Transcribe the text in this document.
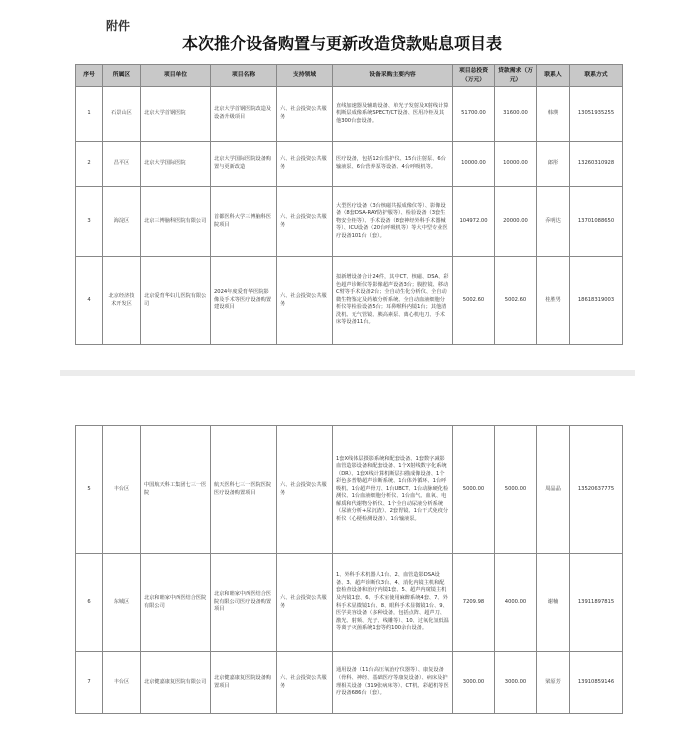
附件
本次推介设备购置与更新改造贷款贴息项目表
序号	所属区	项目单位	项目名称	支持领域	设备采购主要内容	项目总投资（万元）	贷款需求（万元）	联系人	联系方式
1	石景山区	北京大学首钢医院	北京大学首钢医院改造及设备升级项目	六、社会投资公共服务	直线加速器及辅助设备、单光子发射及X射线计算机断层成像系统SPECT/CT设备、医用冷柜及其他300台套设备。	51700.00	31600.00	韩瑛	13051935255
2	昌平区	北京大学国际医院	北京大学国际医院设备购置与更新改造	六、社会投资公共服务	医疗设备，包括12台监护仪、15台注射泵、6台输液泵、6台营养泵等设备、4台呼吸机等。	10000.00	10000.00	郎彤	13260310928
3	海淀区	北京三博脑科医院有限公司	首都医科大学三博脑科医院项目	六、社会投资公共服务	大型医疗设备（3台核磁共振成像仪等）、影像设备（8套DSA-RAY防护服等）、检验设备（3套生物安全柜等）、手术设备（8套神经外科手术器械等）、ICU设备（20台呼吸机等）等大中型专业医疗设备101台（套）。	104972.00	20000.00	乔明达	13701088650
4	北京经济技术开发区	北京爱育华妇儿医院有限公司	2024年度爱育华医院影像及手术等医疗设备购置建设项目	六、社会投资公共服务	拟新增设备合计24件，其中CT、核磁、DSA、彩色超声诊断仪等影像超声设备3台；腹腔镜、移动C臂等手术设备2台；全自动生化分析仪、全自动微生物鉴定及药敏分析系统、全自动血液细胞分析仪等检验设备5台；耳鼻喉科内镜1台；其他清洗机、无气管镜、胰高素泵、离心机电刀、手术床等设备11台。	5002.60	5002.60	桂胜男	18618319003
5	丰台区	中国航天科工集团七三一医院	航天医科七三一医院医院医疗设备购置项目	六、社会投资公共服务	1套X线体层摄影系统和配套设备、1套数字减影血管造影设备和配套设备、1个X射线数字化系统（DR）、1套X线计算机断层扫描成像设备、1个彩色多普勒超声诊断系统、1台体外循环、1台呼吸机、1台超声骨刀、1台UBCT、1台动脉硬化检测仪、1台血液细胞分析仪、1台血气、血氧、电解质和代谢物分析仪、1个全自动尿液分析系统（尿液分析+尿沉渣）、2套胃镜、1台干式免疫分析仪（心梗检测设备）、1台输液泵。	5000.00	5000.00	周晶晶	13520637775
6	东城区	北京和睦家中西医结合医院有限公司	北京和睦家中西医结合医院有限公司医疗设备购置项目	六、社会投资公共服务	1、外科手术机器人1台、2、血管造影DSA设备、3、超声诊断仪3台、4、消化内镜主机和配套检查设备和治疗内镜1套、5、超声内窥镜主机及内镜1套、6、手术室使用麻醉系统4套、7、外科手术显微镜1台、8、眼科手术显微镜1台、9、医学美容设备（多种设备，包括点阵、超声刀、激光、射频、光子、线雕等）、10、过氧化氢低温等离子灭菌系统1套等约100余台设备。	7209.98	4000.00	谢楠	13911897815
7	丰台区	北京健嘉康复医院有限公司	北京健嘉康复医院设备购置项目	六、社会投资公共服务	通用设备（11台高压氧治疗仪器等）、康复设备（骨科、神经、基础医疗等康复设备）、病床及护理相关设备（319张病床等）、CT机、彩超机等医疗设备686台（套）。	3000.00	3000.00	梁原芳	13910859146
